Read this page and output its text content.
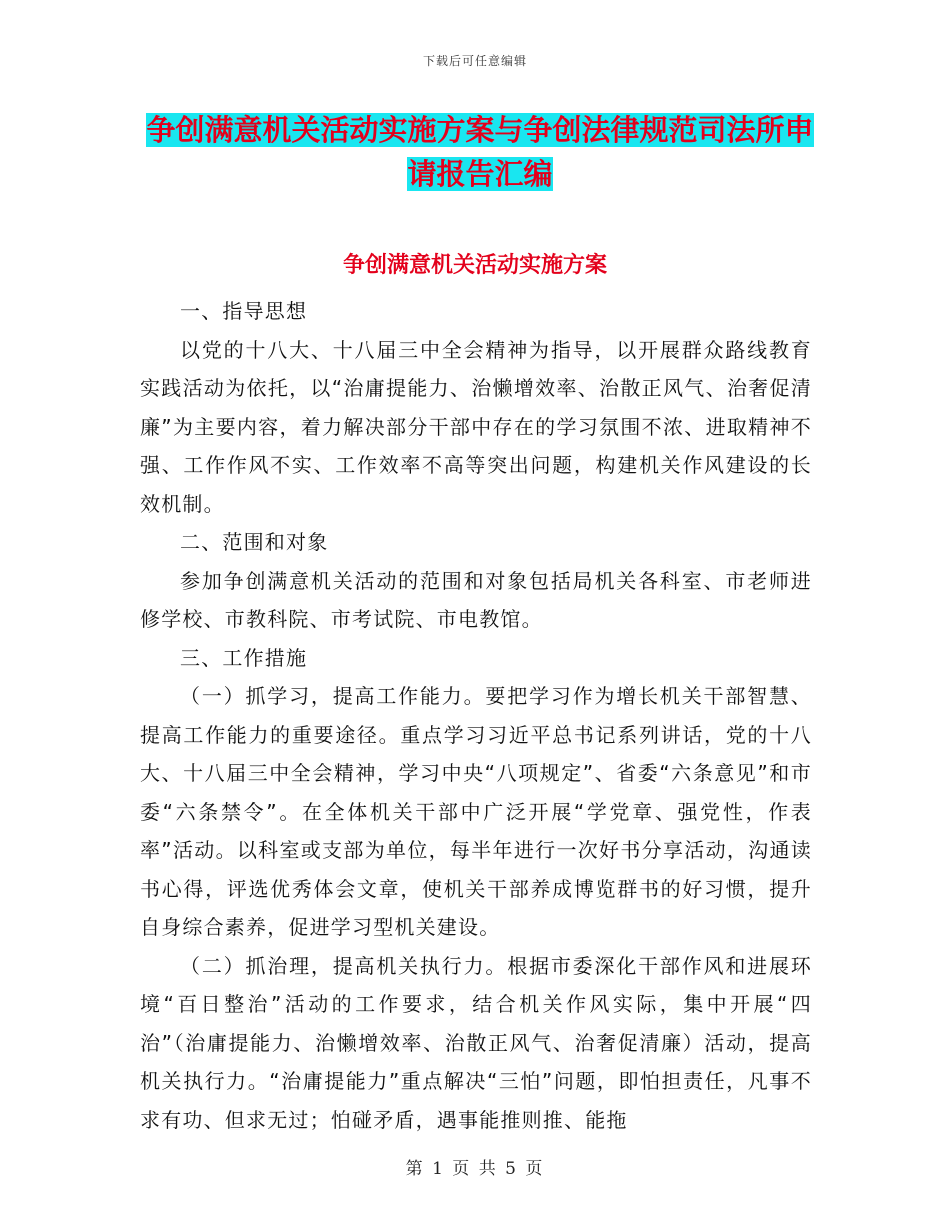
下载后可任意编辑
争创满意机关活动实施方案与争创法律规范司法所申
请报告汇编
争创满意机关活动实施方案

一、指导思想

以党的十八大、十八届三中全会精神为指导，以开展群众路线教育实践活动为依托，以“治庸提能力、治懒增效率、治散正风气、治奢促清廉”为主要内容，着力解决部分干部中存在的学习氛围不浓、进取精神不强、工作作风不实、工作效率不高等突出问题，构建机关作风建设的长效机制。

二、范围和对象

参加争创满意机关活动的范围和对象包括局机关各科室、市老师进修学校、市教科院、市考试院、市电教馆。

三、工作措施

（一）抓学习，提高工作能力。要把学习作为增长机关干部智慧、提高工作能力的重要途径。重点学习习近平总书记系列讲话，党的十八大、十八届三中全会精神，学习中央“八项规定”、省委“六条意见”和市委“六条禁令”。在全体机关干部中广泛开展“学党章、强党性，作表率”活动。以科室或支部为单位，每半年进行一次好书分享活动，沟通读书心得，评选优秀体会文章，使机关干部养成博览群书的好习惯，提升自身综合素养，促进学习型机关建设。

（二）抓治理，提高机关执行力。根据市委深化干部作风和进展环境“百日整治”活动的工作要求，结合机关作风实际，集中开展“四治”（治庸提能力、治懒增效率、治散正风气、治奢促清廉）活动，提高机关执行力。“治庸提能力”重点解决“三怕”问题，即怕担责任，凡事不求有功、但求无过；怕碰矛盾，遇事能推则推、能拖

第 1 页 共 5 页
